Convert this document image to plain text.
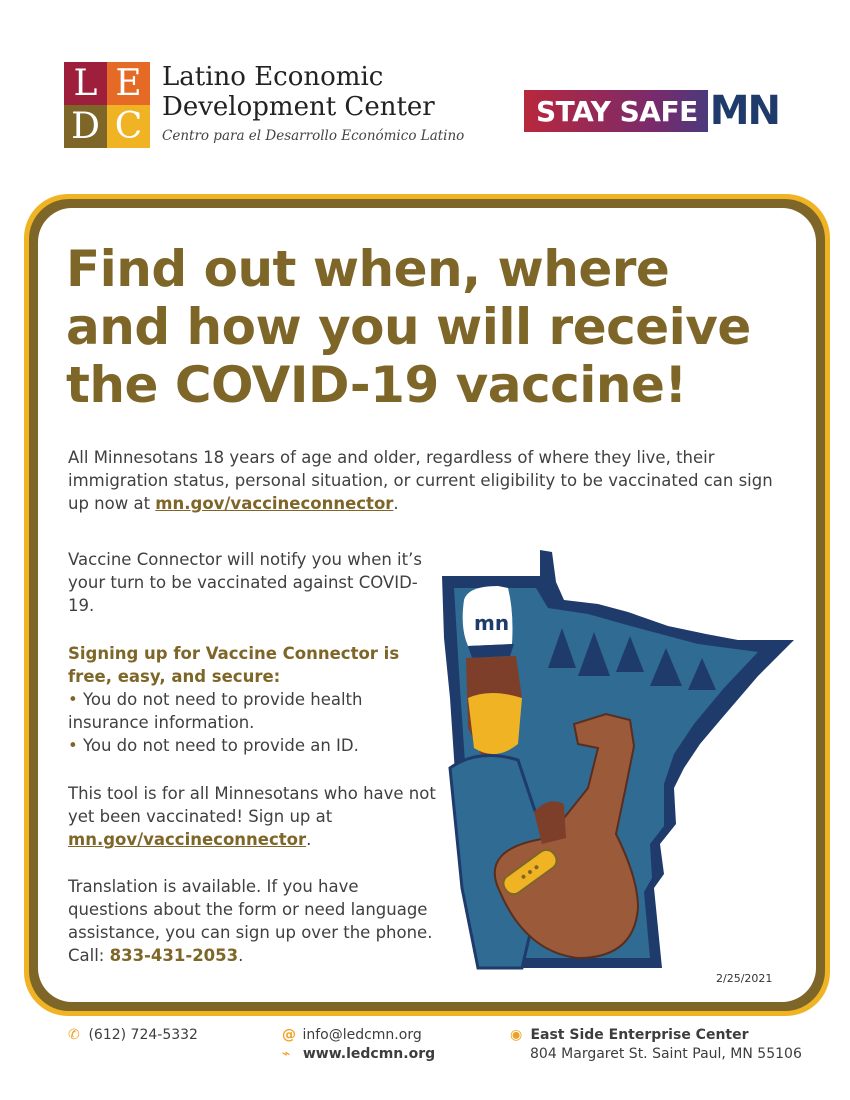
L E
D C
Latino Economic
Development Center
Centro para el Desarrollo Económico Latino
STAY SAFE MN
Find out when, where and how you will receive the COVID-19 vaccine!

All Minnesotans 18 years of age and older, regardless of where they live, their immigration status, personal situation, or current eligibility to be vaccinated can sign up now at mn.gov/vaccineconnector.

Vaccine Connector will notify you when it’s your turn to be vaccinated against COVID-19.

Signing up for Vaccine Connector is free, easy, and secure:
• You do not need to provide health insurance information.
• You do not need to provide an ID.

This tool is for all Minnesotans who have not yet been vaccinated! Sign up at mn.gov/vaccineconnector.

Translation is available. If you have questions about the form or need language assistance, you can sign up over the phone. Call: 833-431-2053.

mn
2/25/2021
✆ (612) 724-5332	@ info@ledcmn.org
⌁ www.ledcmn.org
◉ East Side Enterprise Center
804 Margaret St. Saint Paul, MN 55106
